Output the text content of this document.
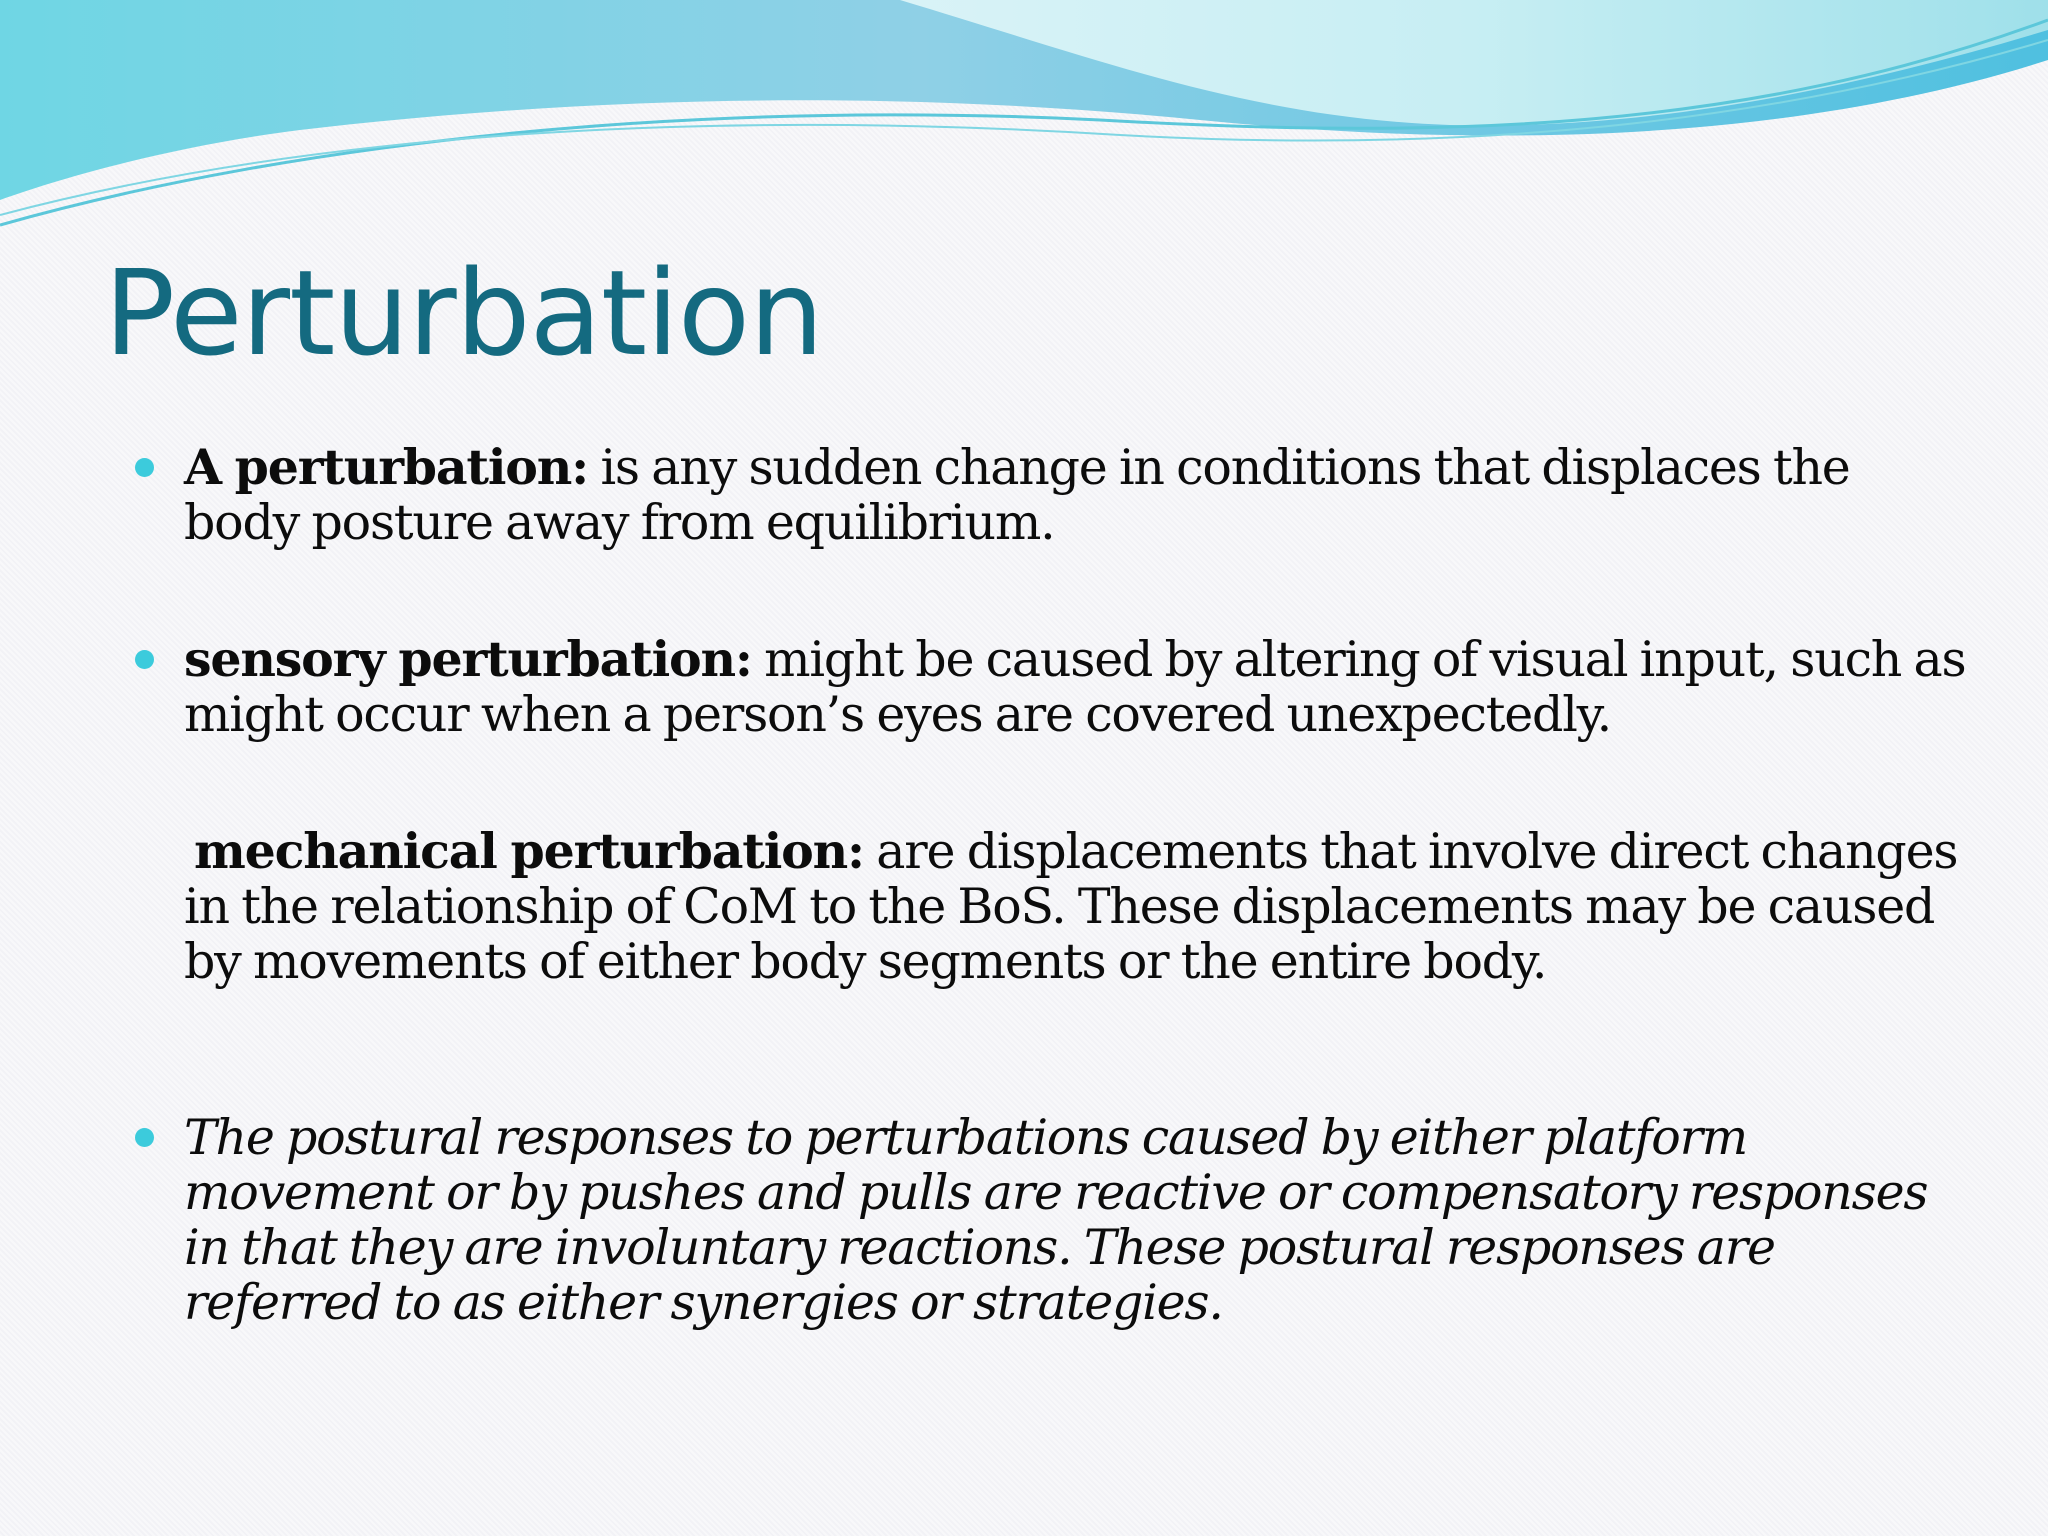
Perturbation
A perturbation: is any sudden change in conditions that displaces the body posture away from equilibrium.
sensory perturbation: might be caused by altering of visual input, such as might occur when a person’s eyes are covered unexpectedly.
mechanical perturbation: are displacements that involve direct changes in the relationship of CoM to the BoS. These displacements may be caused by movements of either body segments or the entire body.
The postural responses to perturbations caused by either platform movement or by pushes and pulls are reactive or compensatory responses in that they are involuntary reactions. These postural responses are referred to as either synergies or strategies.
